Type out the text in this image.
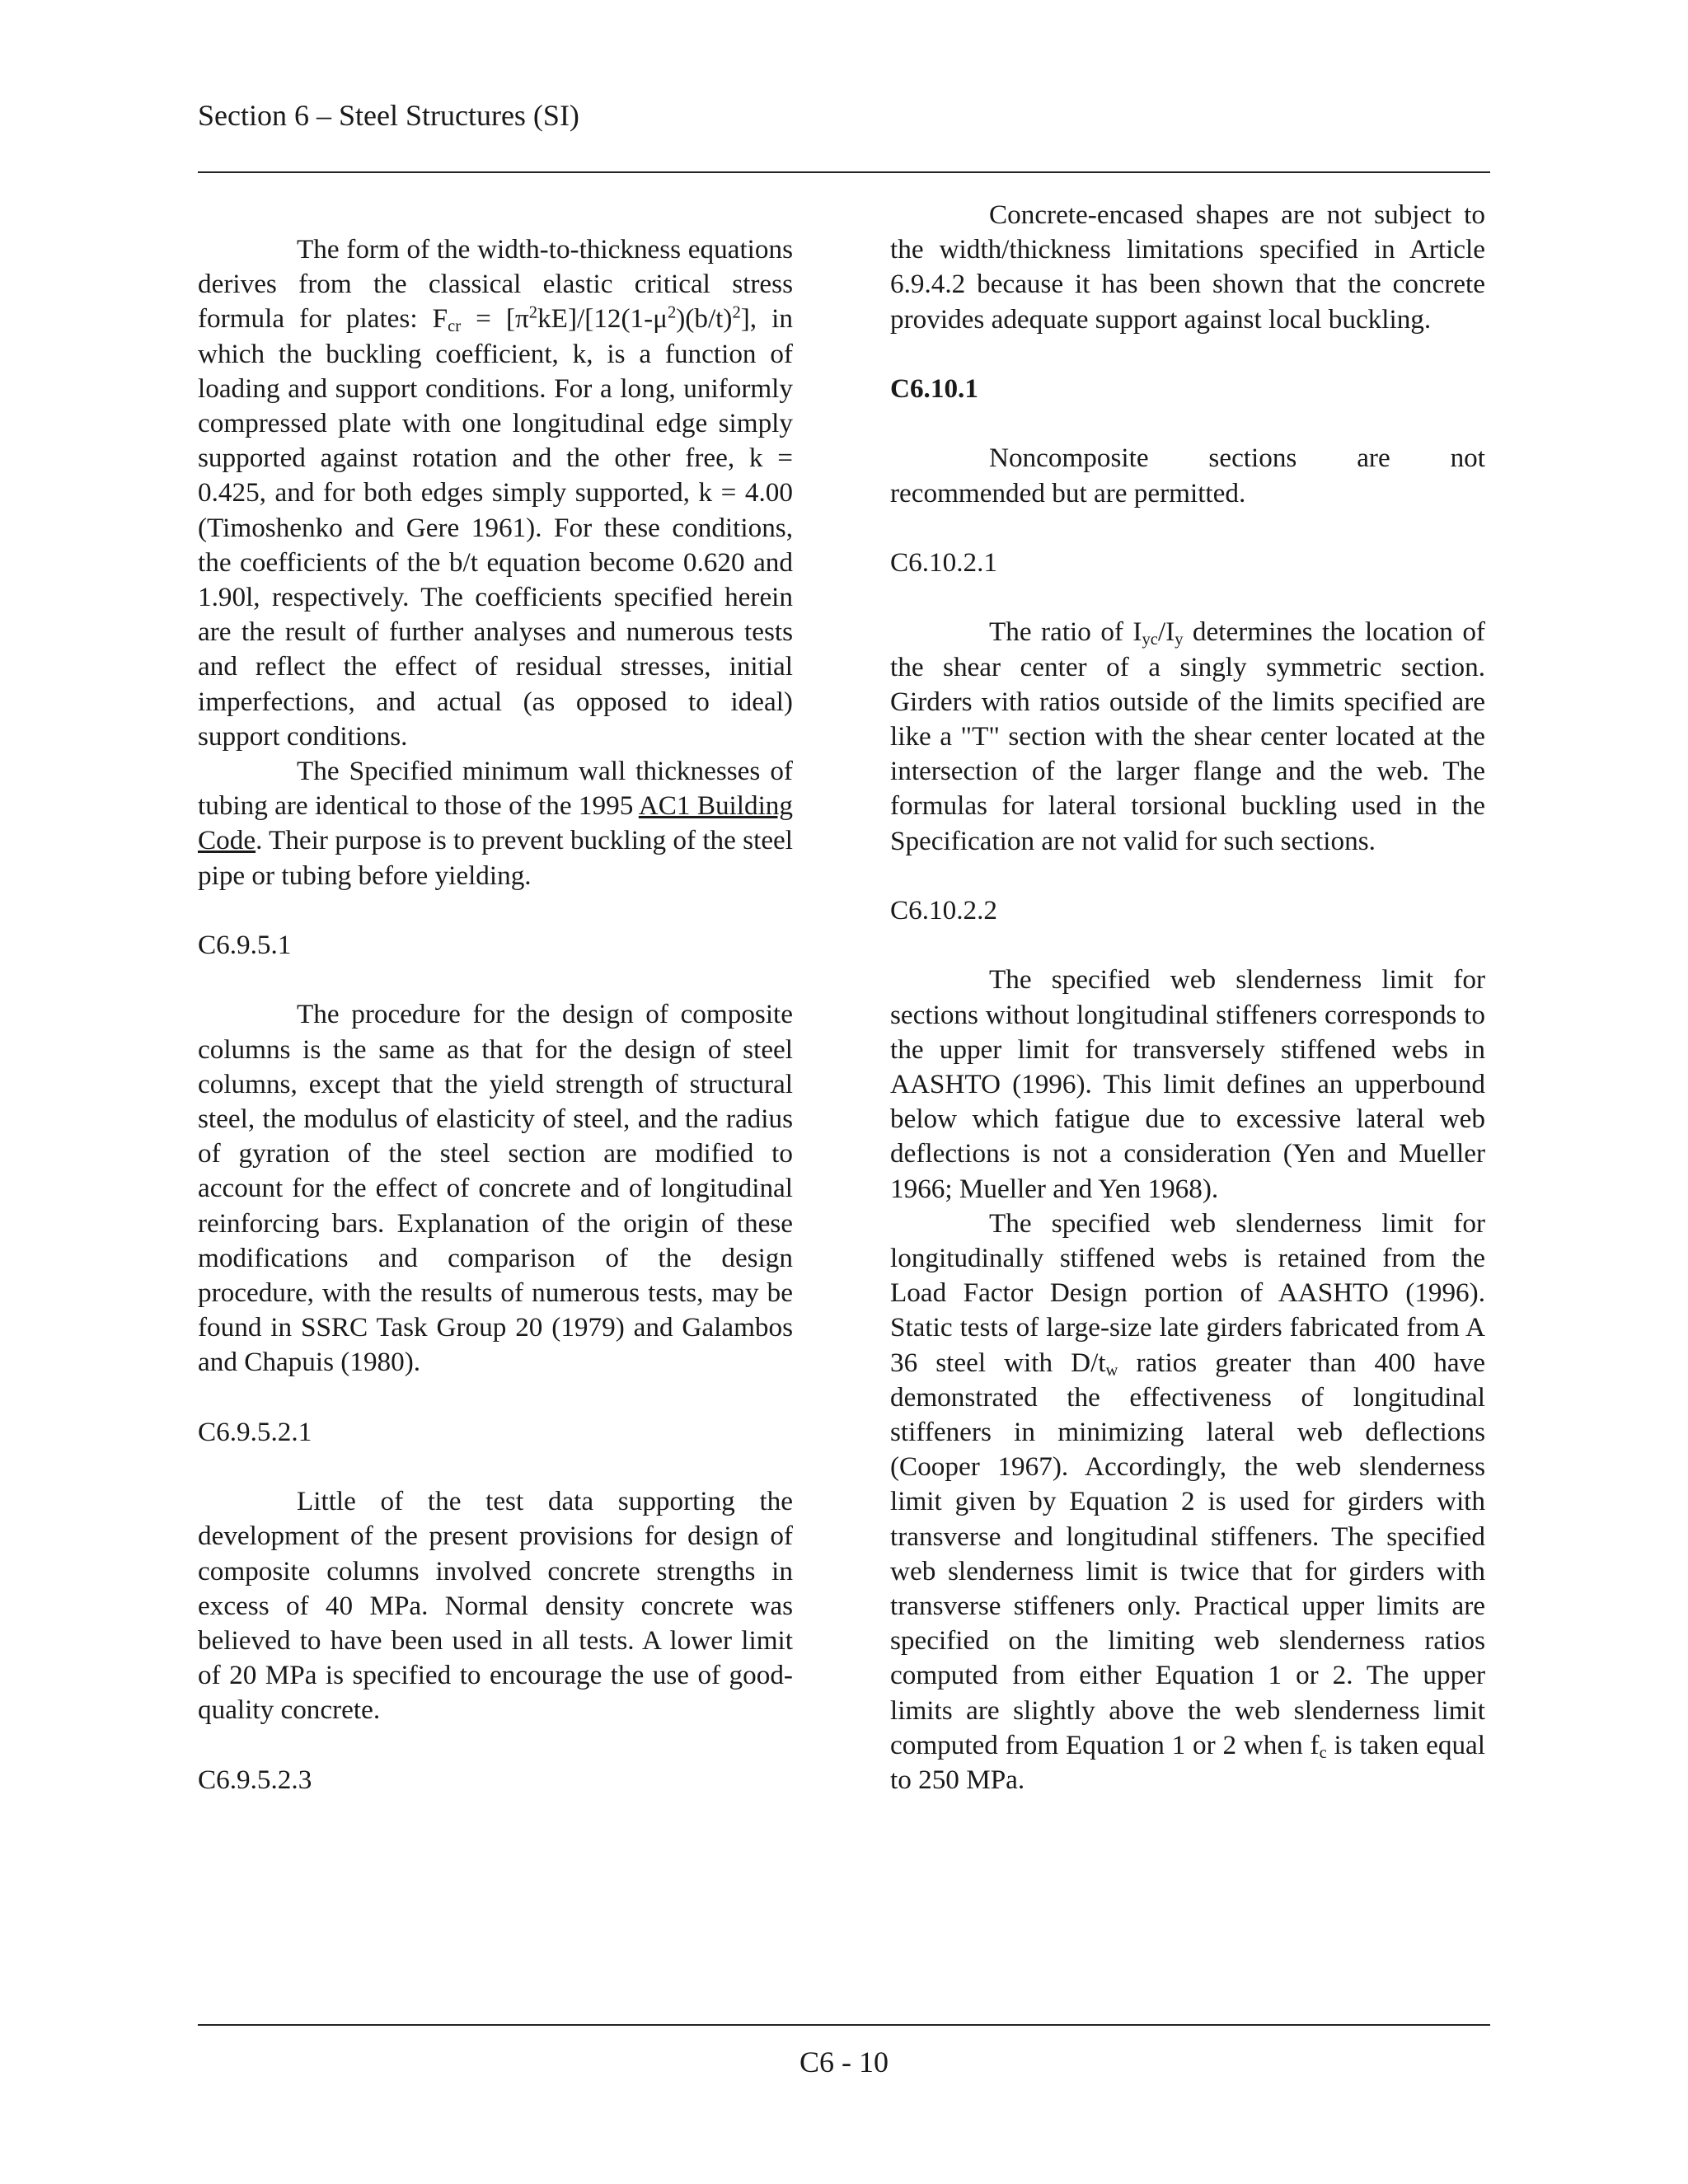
Section 6 – Steel Structures (SI)

The form of the width-to-thickness equations derives from the classical elastic critical stress formula for plates: $F_{cr} = [\pi^2kE]/[12(1-\mu^2)(b/t)^2]$, in which the buckling coefficient, k, is a function of loading and support conditions. For a long, uniformly compressed plate with one longitudinal edge simply supported against rotation and the other free, k = 0.425, and for both edges simply supported, k = 4.00 (Timoshenko and Gere 1961). For these conditions, the coefficients of the b/t equation become 0.620 and 1.90l, respectively. The coefficients specified herein are the result of further analyses and numerous tests and reflect the effect of residual stresses, initial imperfections, and actual (as opposed to ideal) support conditions.

The Specified minimum wall thicknesses of tubing are identical to those of the 1995 AC1 Building Code. Their purpose is to prevent buckling of the steel pipe or tubing before yielding.

C6.9.5.1

The procedure for the design of composite columns is the same as that for the design of steel columns, except that the yield strength of structural steel, the modulus of elasticity of steel, and the radius of gyration of the steel section are modified to account for the effect of concrete and of longitudinal reinforcing bars. Explanation of the origin of these modifications and comparison of the design procedure, with the results of numerous tests, may be found in SSRC Task Group 20 (1979) and Galambos and Chapuis (1980).

C6.9.5.2.1

Little of the test data supporting the development of the present provisions for design of composite columns involved concrete strengths in excess of 40 MPa. Normal density concrete was believed to have been used in all tests. A lower limit of 20 MPa is specified to encourage the use of good-quality concrete.

C6.9.5.2.3

Concrete-encased shapes are not subject to the width/thickness limitations specified in Article 6.9.4.2 because it has been shown that the concrete provides adequate support against local buckling.

C6.10.1

Noncomposite sections are not recommended but are permitted.

C6.10.2.1

The ratio of $I_{yc}/I_y$ determines the location of the shear center of a singly symmetric section. Girders with ratios outside of the limits specified are like a "T" section with the shear center located at the intersection of the larger flange and the web. The formulas for lateral torsional buckling used in the Specification are not valid for such sections.

C6.10.2.2

The specified web slenderness limit for sections without longitudinal stiffeners corresponds to the upper limit for transversely stiffened webs in AASHTO (1996). This limit defines an upperbound below which fatigue due to excessive lateral web deflections is not a consideration (Yen and Mueller 1966; Mueller and Yen 1968).

The specified web slenderness limit for longitudinally stiffened webs is retained from the Load Factor Design portion of AASHTO (1996). Static tests of large-size late girders fabricated from A 36 steel with $D/t_w$ ratios greater than 400 have demonstrated the effectiveness of longitudinal stiffeners in minimizing lateral web deflections (Cooper 1967). Accordingly, the web slenderness limit given by Equation 2 is used for girders with transverse and longitudinal stiffeners. The specified web slenderness limit is twice that for girders with transverse stiffeners only. Practical upper limits are specified on the limiting web slenderness ratios computed from either Equation 1 or 2. The upper limits are slightly above the web slenderness limit computed from Equation 1 or 2 when $f_c$ is taken equal to 250 MPa.

C6 - 10
